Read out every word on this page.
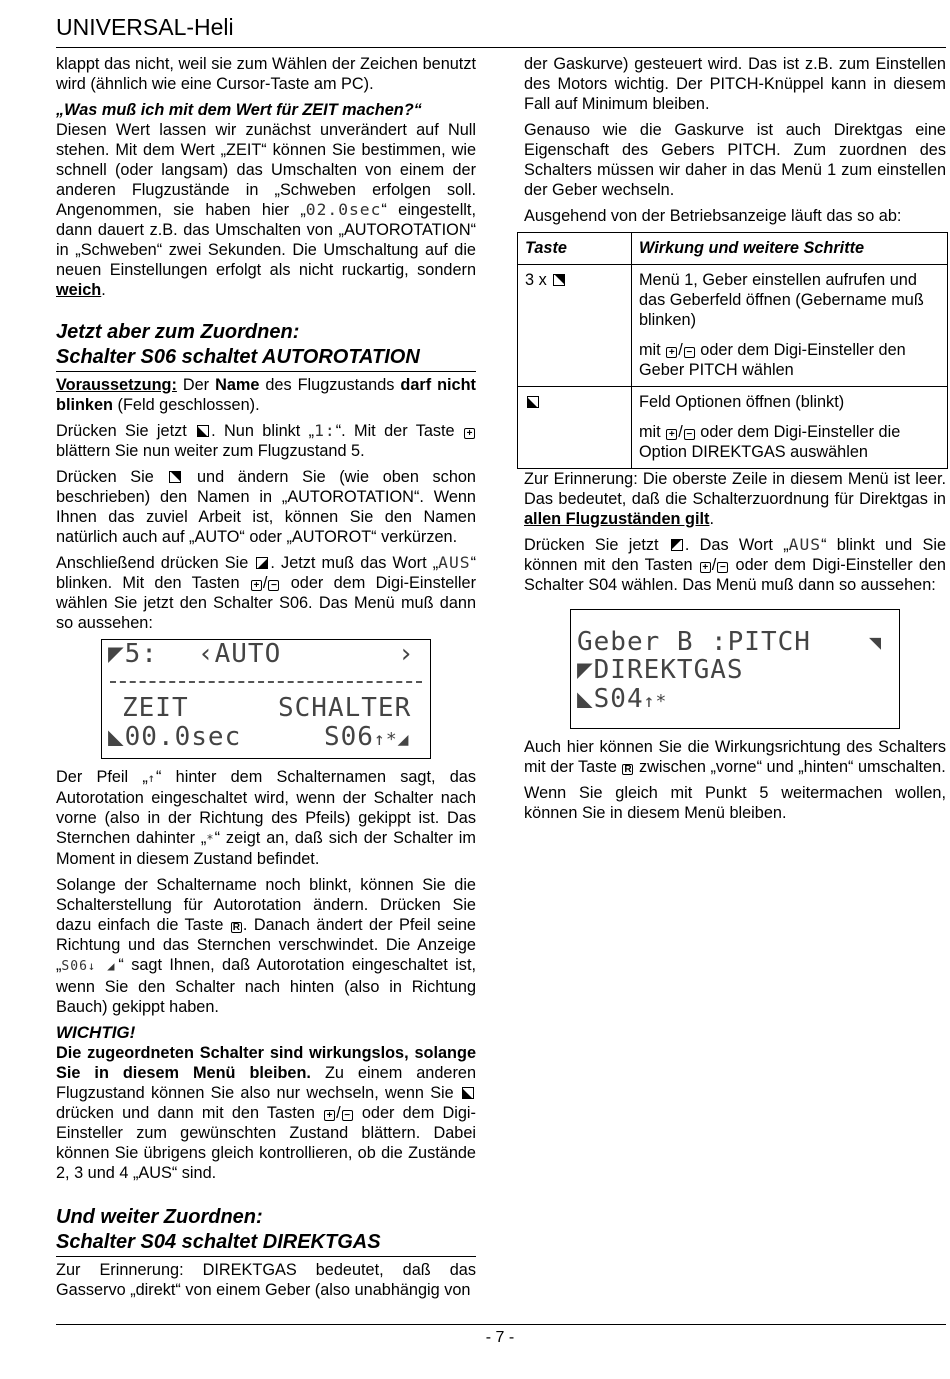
UNIVERSAL-Heli

klappt das nicht, weil sie zum Wählen der Zeichen benutzt wird (ähnlich wie eine Cursor-Taste am PC).

„Was muß ich mit dem Wert für ZEIT machen?“
Diesen Wert lassen wir zunächst unverändert auf Null stehen. Mit dem Wert „ZEIT“ können Sie bestimmen, wie schnell (oder langsam) das Umschalten von einem der anderen Flugzustände in „Schweben erfolgen soll. Angenommen, sie haben hier „02.0sec“ eingestellt, dann dauert z.B. das Umschalten von „AUTOROTATION“ in „Schweben“ zwei Sekunden. Die Umschaltung auf die neuen Einstellungen erfolgt als nicht ruckartig, sondern weich.

Jetzt aber zum Zuordnen:
Schalter S06 schaltet AUTOROTATION

Voraussetzung: Der Name des Flugzustands darf nicht blinken (Feld geschlossen).

Drücken Sie jetzt . Nun blinkt „1:“. Mit der Taste + blättern Sie nun weiter zum Flugzustand 5.

Drücken Sie  und ändern Sie (wie oben schon beschrieben) den Namen in „AUTOROTATION“. Wenn Ihnen das zuviel Arbeit ist, können Sie den Namen natürlich auch auf „AUTO“ oder „AUTOROT“ verkürzen.

Anschließend drücken Sie . Jetzt muß das Wort „AUS“ blinken. Mit den Tasten + / − oder dem Digi-Einsteller wählen Sie jetzt den Schalter S06. Das Menü muß dann so aussehen:

◤5: ‹AUTO	›
ZEIT	SCHALTER
◣00.0sec	S06↑*◢

Der Pfeil „↑“ hinter dem Schalternamen sagt, das Autorotation eingeschaltet wird, wenn der Schalter nach vorne (also in der Richtung des Pfeils) gekippt ist. Das Sternchen dahinter „*“ zeigt an, daß sich der Schalter im Moment in diesem Zustand befindet.

Solange der Schaltername noch blinkt, können Sie die Schalterstellung für Autorotation ändern. Drücken Sie dazu einfach die Taste R . Danach ändert der Pfeil seine Richtung und das Sternchen verschwindet. Die Anzeige „S06↓ ◢“ sagt Ihnen, daß Autorotation eingeschaltet ist, wenn Sie den Schalter nach hinten (also in Richtung Bauch) gekippt haben.

WICHTIG!

Die zugeordneten Schalter sind wirkungslos, solange Sie in diesem Menü bleiben. Zu einem anderen Flugzustand können Sie also nur wechseln, wenn Sie  drücken und dann mit den Tasten + / − oder dem Digi-Einsteller zum gewünschten Zustand blättern. Dabei können Sie übrigens gleich kontrollieren, ob die Zustände 2, 3 und 4 „AUS“ sind.

Und weiter Zuordnen:
Schalter S04 schaltet DIREKTGAS

Zur Erinnerung: DIREKTGAS bedeutet, daß das Gasservo „direkt“ von einem Geber (also unabhängig von

der Gaskurve) gesteuert wird. Das ist z.B. zum Einstellen des Motors wichtig. Der PITCH-Knüppel kann in diesem Fall auf Minimum bleiben.

Genauso wie die Gaskurve ist auch Direktgas eine Eigenschaft des Gebers PITCH. Zum zuordnen des Schalters müssen wir daher in das Menü 1 zum einstellen der Geber wechseln.

Ausgehend von der Betriebsanzeige läuft das so ab:

Taste	Wirkung und weitere Schritte
3 x	Menü 1, Geber einstellen aufrufen und das Geberfeld öffnen (Gebername muß blinken)

mit + / − oder dem Digi-Einsteller den Geber PITCH wählen

	Feld Optionen öffnen (blinkt)

mit + / − oder dem Digi-Einsteller die Option DIREKTGAS auswählen

Zur Erinnerung: Die oberste Zeile in diesem Menü ist leer. Das bedeutet, daß die Schalterzuordnung für Direktgas in allen Flugzuständen gilt.

Drücken Sie jetzt . Das Wort „AUS“ blinkt und Sie können mit den Tasten + / − oder dem Digi-Einsteller den Schalter S04 wählen. Das Menü muß dann so aussehen:

Geber B :PITCH	◥
◤DIREKTGAS
◣S04↑*

Auch hier können Sie die Wirkungsrichtung des Schalters mit der Taste R zwischen „vorne“ und „hinten“ umschalten.

Wenn Sie gleich mit Punkt 5 weitermachen wollen, können Sie in diesem Menü bleiben.

- 7 -
